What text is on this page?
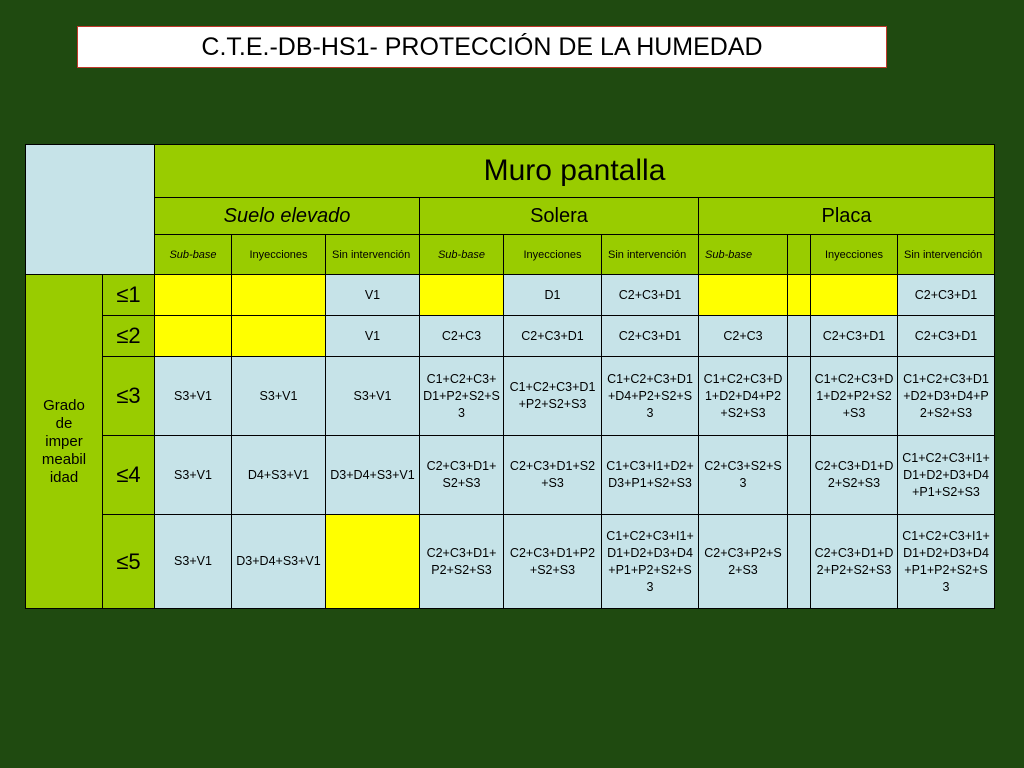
C.T.E.-DB-HS1- PROTECCIÓN DE LA HUMEDAD
		Muro pantalla									
		Suelo elevado			Solera			Placa			
		Sub-base	Inyecciones	Sin intervención	Sub-base	Inyecciones	Sin intervención	Sub-base		Inyecciones	Sin intervención

Grado
de
imper
meabil
idad	≤1			V1		D1	C2+C3+D1				C2+C3+D1
	≤2			V1	C2+C3	C2+C3+D1	C2+C3+D1	C2+C3		C2+C3+D1	C2+C3+D1
	≤3	S3+V1	S3+V1	S3+V1	C1+C2+C3+D1+P2+S2+S3	C1+C2+C3+D1+P2+S2+S3	C1+C2+C3+D1+D4+P2+S2+S3	C1+C2+C3+D1+D2+D4+P2+S2+S3		C1+C2+C3+D1+D2+P2+S2+S3	C1+C2+C3+D1+D2+D3+D4+P2+S2+S3
	≤4	S3+V1	D4+S3+V1	D3+D4+S3+V1	C2+C3+D1+S2+S3	C2+C3+D1+S2+S3	C1+C3+I1+D2+D3+P1+S2+S3	C2+C3+S2+S3		C2+C3+D1+D2+S2+S3	C1+C2+C3+I1+D1+D2+D3+D4+P1+S2+S3
	≤5	S3+V1	D3+D4+S3+V1		C2+C3+D1+P2+S2+S3	C2+C3+D1+P2+S2+S3	C1+C2+C3+I1+D1+D2+D3+D4+P1+P2+S2+S3	C2+C3+P2+S2+S3		C2+C3+D1+D2+P2+S2+S3	C1+C2+C3+I1+D1+D2+D3+D4+P1+P2+S2+S3
